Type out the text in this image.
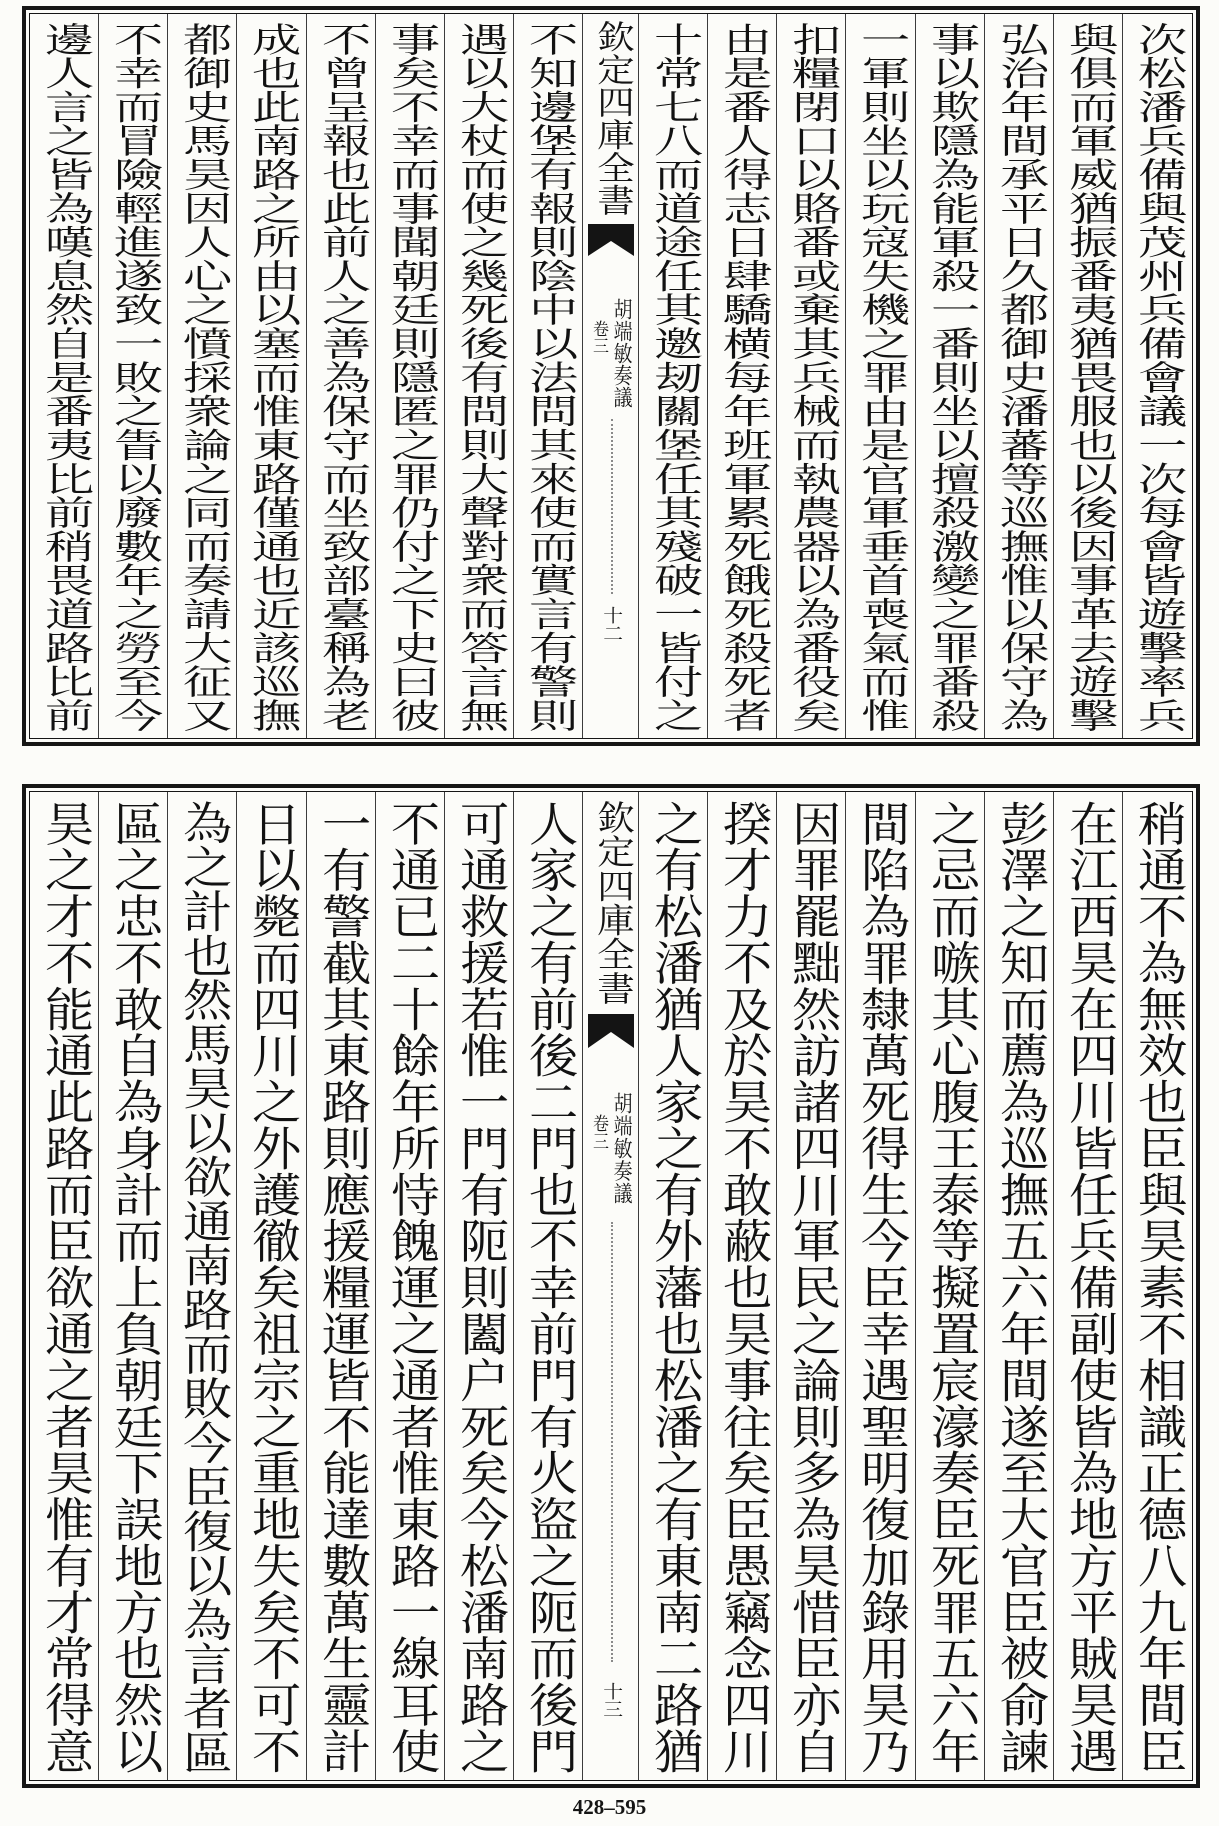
次松潘兵備與茂州兵備會議一次每會皆遊擊率兵
與俱而軍威猶振番夷猶畏服也以後因事革去遊擊
弘治年間承平日久都御史潘蕃等巡撫惟以保守為
事以欺隱為能軍殺一番則坐以擅殺激變之罪番殺
一軍則坐以玩寇失機之罪由是官軍垂首喪氣而惟
扣糧閉口以賂番或棄其兵械而執農器以為番役矣
由是番人得志日肆驕横每年班軍累死餓死殺死者
十常七八而道途任其邀刼關堡任其殘破一皆付之
欽定四庫全書
胡端敏奏議
卷三
十二
不知邊堡有報則陰中以法問其來使而實言有警則
遇以大杖而使之幾死後有問則大聲對衆而答言無
事矣不幸而事聞朝廷則隱匿之罪仍付之下史曰彼
不曾呈報也此前人之善為保守而坐致部臺稱為老
成也此南路之所由以塞而惟東路僅通也近該巡撫
都御史馬昊因人心之憤採衆論之同而奏請大征又
不幸而冒險輕進遂致一敗之眚以廢數年之勞至今
邊人言之皆為嘆息然自是番夷比前稍畏道路比前
稍通不為無效也臣與昊素不相識正德八九年間臣
在江西昊在四川皆任兵備副使皆為地方平賊昊遇
彭澤之知而薦為巡撫五六年間遂至大官臣被俞諫
之忌而嗾其心腹王泰等擬置宸濠奏臣死罪五六年
間陷為罪隸萬死得生今臣幸遇聖明復加錄用昊乃
因罪罷黜然訪諸四川軍民之論則多為昊惜臣亦自
揆才力不及於昊不敢蔽也昊事往矣臣愚竊念四川
之有松潘猶人家之有外藩也松潘之有東南二路猶
欽定四庫全書
胡端敏奏議
卷三
十三
人家之有前後二門也不幸前門有火盜之阨而後門
可通救援若惟一門有阨則闔户死矣今松潘南路之
不通已二十餘年所恃餽運之通者惟東路一線耳使
一有警截其東路則應援糧運皆不能達數萬生靈計
日以斃而四川之外護徹矣祖宗之重地失矣不可不
為之計也然馬昊以欲通南路而敗今臣復以為言者區
區之忠不敢自為身計而上負朝廷下誤地方也然以
昊之才不能通此路而臣欲通之者昊惟有才常得意
428–595
